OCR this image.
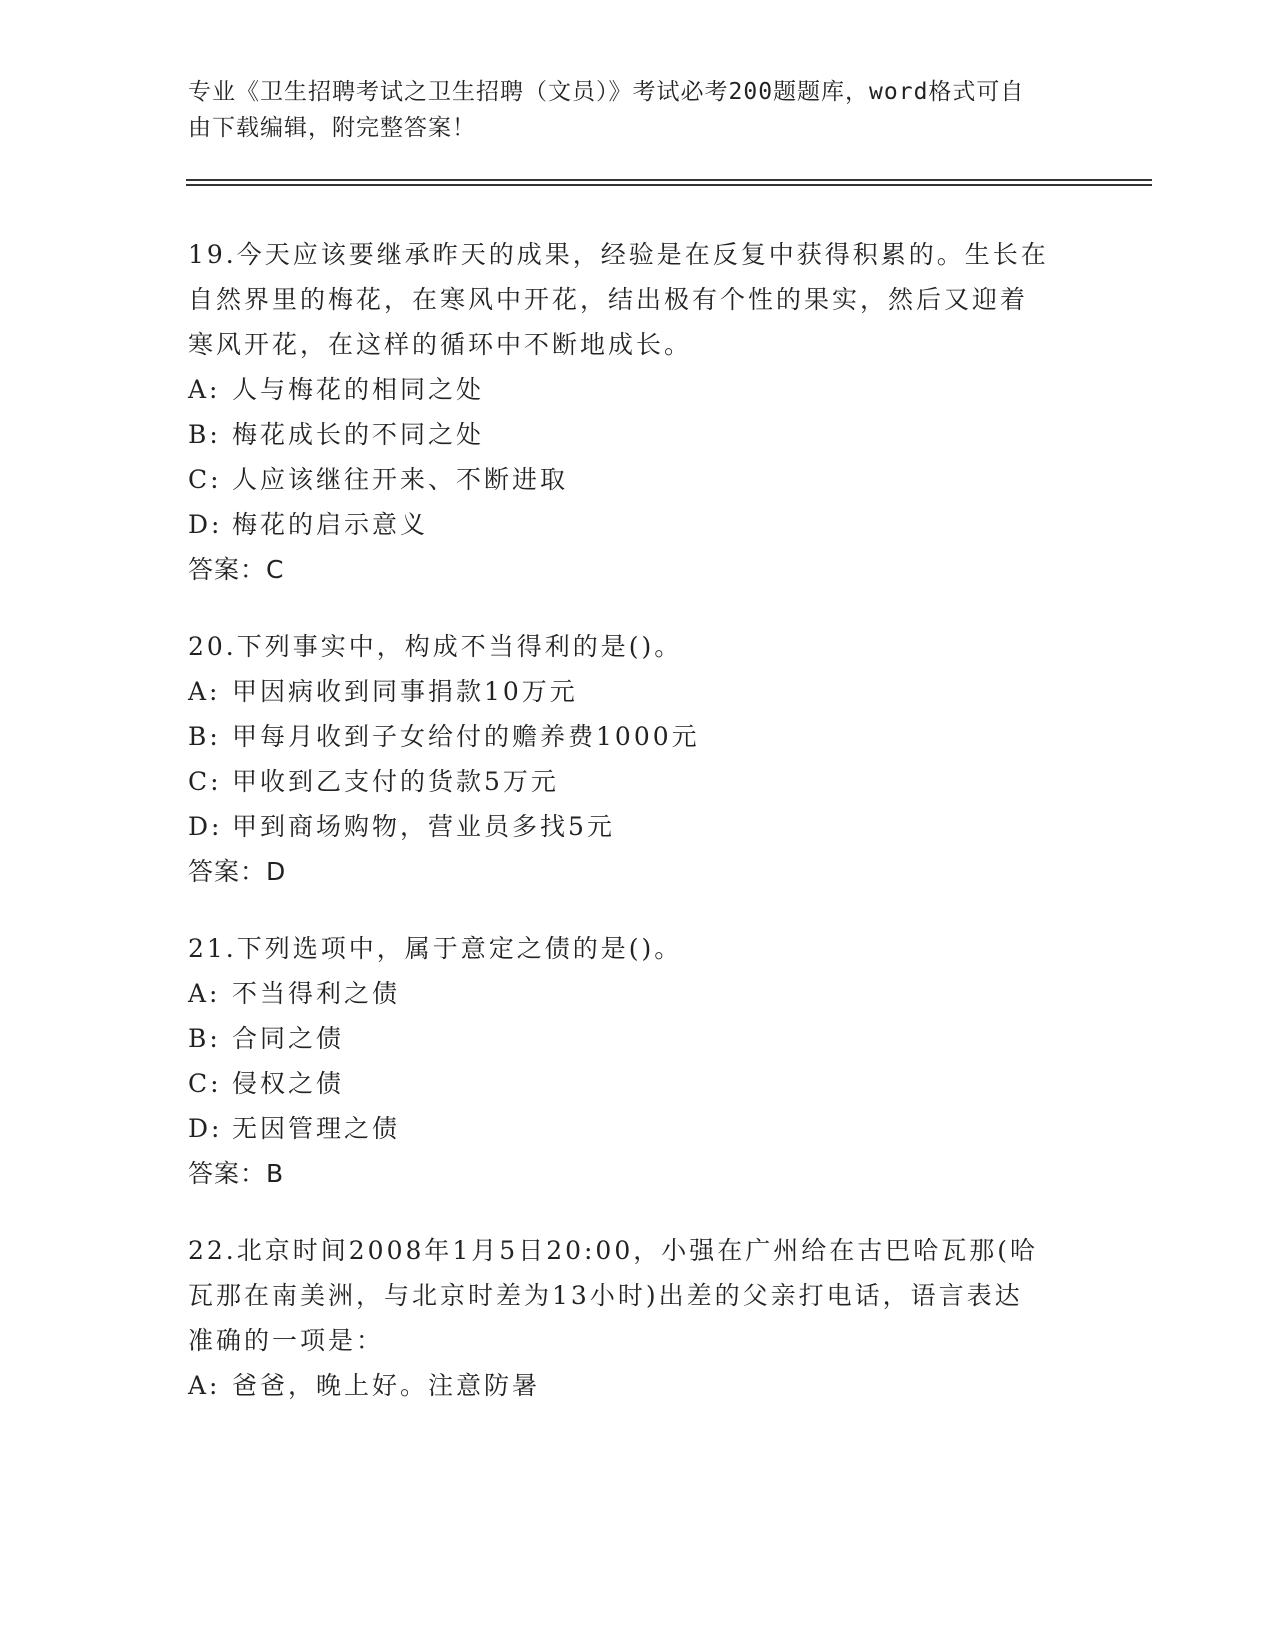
专业《卫生招聘考试之卫生招聘（文员）》考试必考200题题库，word格式可自
由下载编辑，附完整答案！

19.今天应该要继承昨天的成果，经验是在反复中获得积累的。生长在

自然界里的梅花，在寒风中开花，结出极有个性的果实，然后又迎着

寒风开花，在这样的循环中不断地成长。

A: 人与梅花的相同之处

B: 梅花成长的不同之处

C: 人应该继往开来、不断进取

D: 梅花的启示意义

答案：C

20.下列事实中，构成不当得利的是()。

A: 甲因病收到同事捐款10万元

B: 甲每月收到子女给付的赡养费1000元

C: 甲收到乙支付的货款5万元

D: 甲到商场购物，营业员多找5元

答案：D

21.下列选项中，属于意定之债的是()。

A: 不当得利之债

B: 合同之债

C: 侵权之债

D: 无因管理之债

答案：B

22.北京时间2008年1月5日20:00，小强在广州给在古巴哈瓦那(哈

瓦那在南美洲，与北京时差为13小时)出差的父亲打电话，语言表达

准确的一项是：

A: 爸爸，晚上好。注意防暑
